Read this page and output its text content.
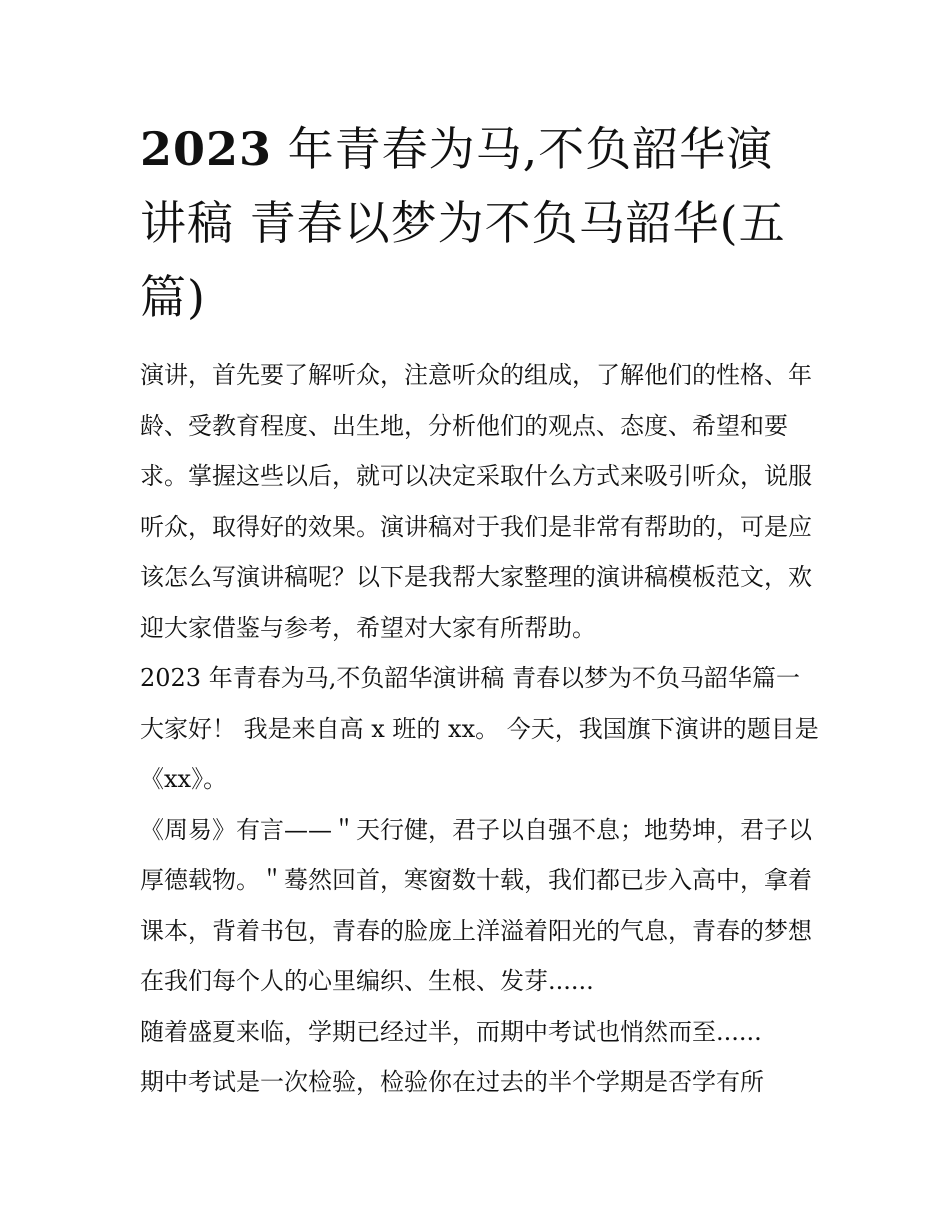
2023 年青春为马,不负韶华演讲稿 青春以梦为不负马韶华(五篇)

演讲，首先要了解听众，注意听众的组成，了解他们的性格、年龄、受教育程度、出生地，分析他们的观点、态度、希望和要求。掌握这些以后，就可以决定采取什么方式来吸引听众，说服听众，取得好的效果。演讲稿对于我们是非常有帮助的，可是应该怎么写演讲稿呢？以下是我帮大家整理的演讲稿模板范文，欢迎大家借鉴与参考，希望对大家有所帮助。

2023 年青春为马,不负韶华演讲稿 青春以梦为不负马韶华篇一

大家好！ 我是来自高 x 班的 xx。 今天，我国旗下演讲的题目是《xx》。

《周易》有言——＂天行健，君子以自强不息；地势坤，君子以厚德载物。＂蓦然回首，寒窗数十载，我们都已步入高中，拿着课本，背着书包，青春的脸庞上洋溢着阳光的气息，青春的梦想在我们每个人的心里编织、生根、发芽......

随着盛夏来临，学期已经过半，而期中考试也悄然而至......

期中考试是一次检验，检验你在过去的半个学期是否学有所
